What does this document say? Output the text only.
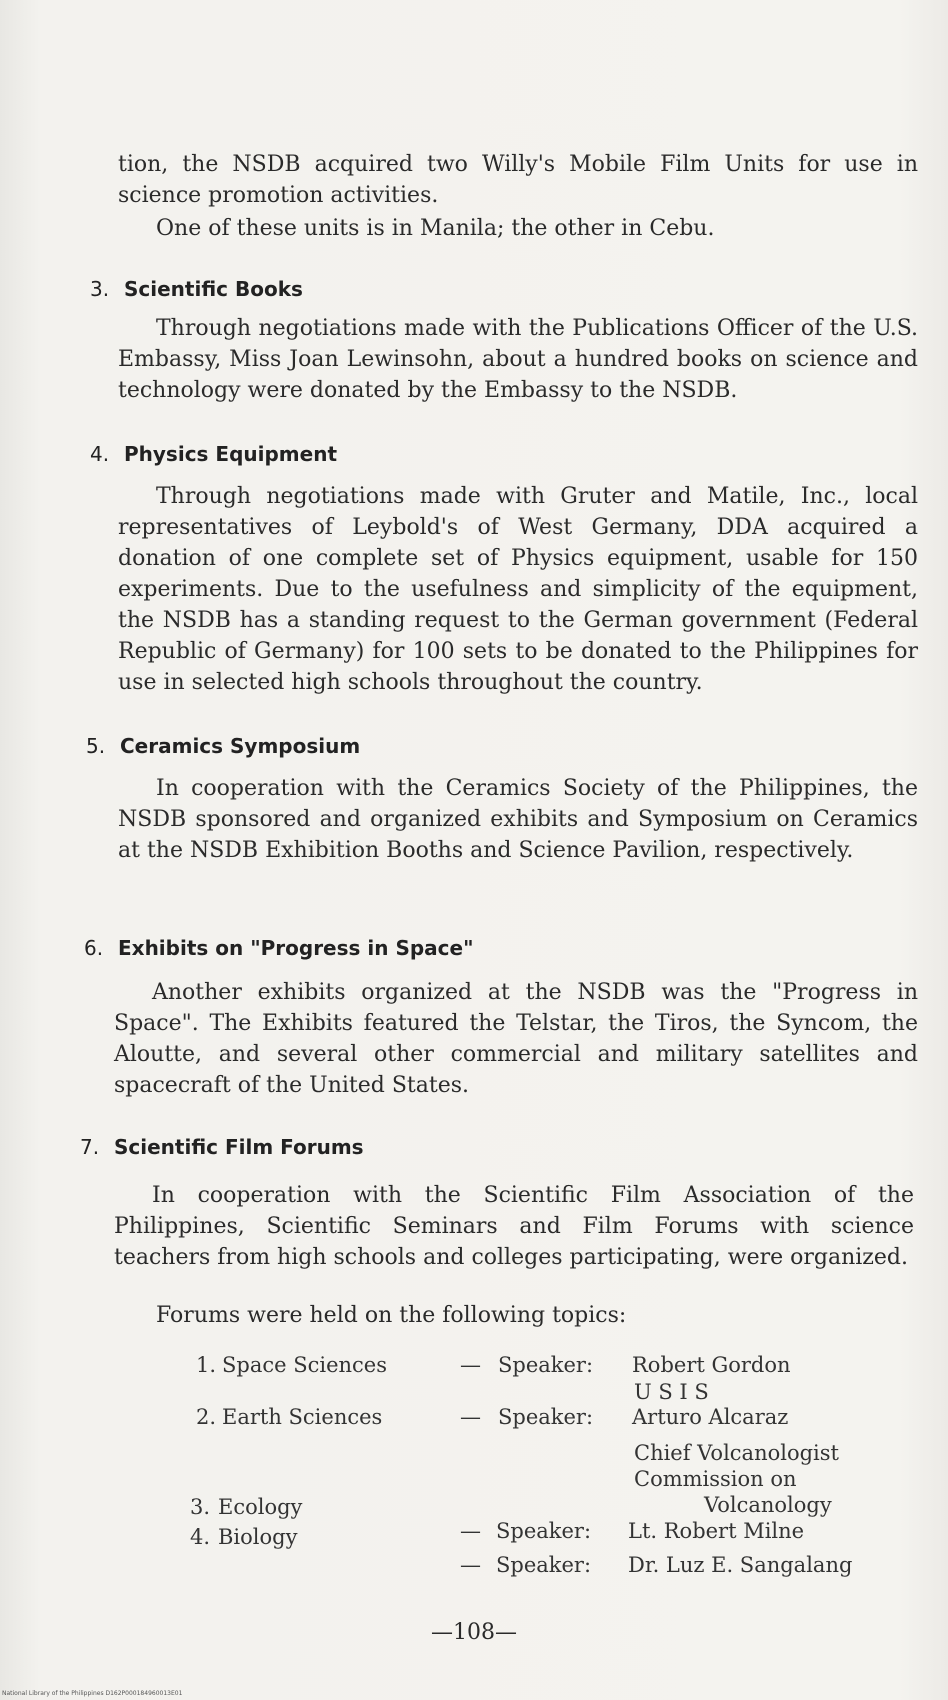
tion, the NSDB acquired two Willy's Mobile Film Units for use in science promotion activities.

One of these units is in Manila; the other in Cebu.

3. Scientific Books

Through negotiations made with the Publications Officer of the U.S. Embassy, Miss Joan Lewinsohn, about a hundred books on science and technology were donated by the Embassy to the NSDB.

4. Physics Equipment

Through negotiations made with Gruter and Matile, Inc., local representatives of Leybold's of West Germany, DDA acquired a donation of one complete set of Physics equipment, usable for 150 experiments. Due to the usefulness and simplicity of the equipment, the NSDB has a standing request to the German government (Federal Republic of Germany) for 100 sets to be donated to the Philippines for use in selected high schools throughout the country.

5. Ceramics Symposium

In cooperation with the Ceramics Society of the Philippines, the NSDB sponsored and organized exhibits and Symposium on Ceramics at the NSDB Exhibition Booths and Science Pavilion, respectively.

6. Exhibits on "Progress in Space"

Another exhibits organized at the NSDB was the "Progress in Space". The Exhibits featured the Telstar, the Tiros, the Syncom, the Aloutte, and several other commercial and military satellites and spacecraft of the United States.

7. Scientific Film Forums

In cooperation with the Scientific Film Association of the Philippines, Scientific Seminars and Film Forums with science teachers from high schools and colleges participating, were organized.

Forums were held on the following topics:

1. Space Sciences	— Speaker: Robert Gordon
U S I S
2. Earth Sciences	— Speaker: Arturo Alcaraz
Chief Volcanologist
Commission on
Volcanology
3. Ecology
— Speaker: Lt. Robert Milne
4. Biology
— Speaker: Dr. Luz E. Sangalang
—108—
National Library of the Philippines D162P000184960013E01
